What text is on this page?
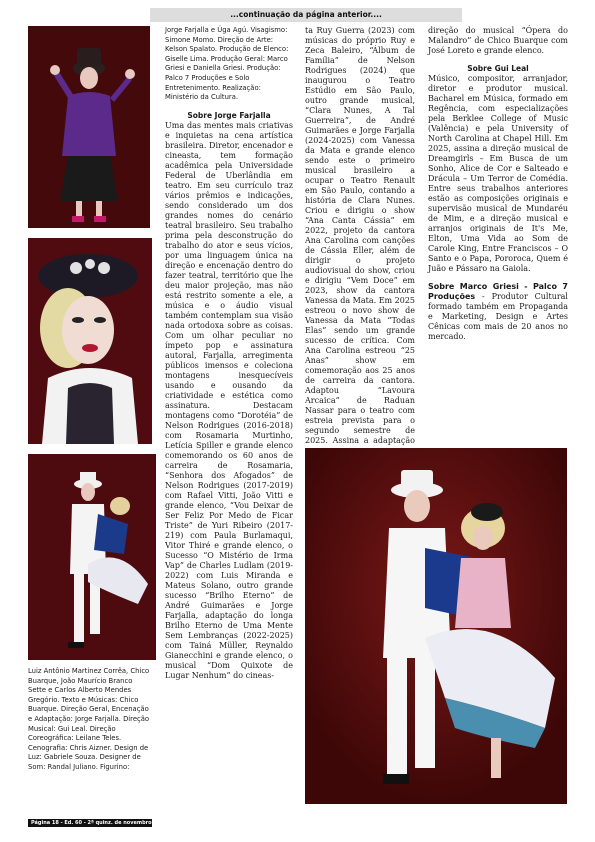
...continuação da página anterior....

Luiz Antônio Martinez Corrêa, Chico Buarque, João Maurício Branco Sette e Carlos Alberto Mendes Gregório. Texto e Músicas: Chico Buarque. Direção Geral, Encenação e Adaptação: Jorge Farjalla. Direção Musical: Gui Leal. Direção Coreográfica: Leilane Teles. Cenografia: Chris Aizner. Design de Luz: Gabriele Souza. Designer de Som: Randal Juliano. Figurino:

Jorge Farjalla e Úga Agú. Visagismo: Simone Momo. Direção de Arte: Kelson Spalato. Produção de Elenco: Giselle Lima. Produção Geral: Marco Griesi e Daniella Griesi. Produção: Palco 7 Produções e Solo Entretenimento. Realização: Ministério da Cultura.

Sobre Jorge Farjalla

Uma das mentes mais criativas e inquietas na cena artística brasileira. Diretor, encenador e cineasta, tem formação acadêmica pela Universidade Federal de Uberlândia em teatro. Em seu currículo traz vários prêmios e indicações, sendo considerado um dos grandes nomes do cenário teatral brasileiro. Seu trabalho prima pela desconstrução do trabalho do ator e seus vícios, por uma linguagem única na direção e encenação dentro do fazer teatral, território que lhe deu maior projeção, mas não está restrito somente a ele, a música e o áudio visual também contemplam sua visão nada ortodoxa sobre as coisas. Com um olhar peculiar no ímpeto pop e assinatura autoral, Farjalla, arregimenta públicos imensos e coleciona montagens inesquecíveis usando e ousando da criatividade e estética como assinatura. Destacam montagens como “Dorotéia” de Nelson Rodrigues (2016-2018) com Rosamaria Murtinho, Letícia Spiller e grande elenco comemorando os 60 anos de carreira de Rosamaria, “Senhora dos Afogados” de Nelson Rodrigues (2017-2019) com Rafael Vitti, João Vitti e grande elenco, “Vou Deixar de Ser Feliz Por Medo de Ficar Triste” de Yuri Ribeiro (2017-219) com Paula Burlamaqui, Vitor Thiré e grande elenco, o Sucesso “O Mistério de Irma Vap” de Charles Ludlam (2019-2022) com Luis Miranda e Mateus Solano, outro grande sucesso “Brilho Eterno” de André Guimarães e Jorge Farjalla, adaptação do longa Brilho Eterno de Uma Mente Sem Lembranças (2022-2025) com Tainá Müller, Reynaldo Gianecchini e grande elenco, o musical “Dom Quixote de Lugar Nenhum” do cineas-

ta Ruy Guerra (2023) com músicas do próprio Ruy e Zeca Baleiro, “Álbum de Família” de Nelson Rodrigues (2024) que inaugurou o Teatro Estúdio em São Paulo, outro grande musical, “Clara Nunes, A Tal Guerreira”, de André Guimarães e Jorge Farjalla (2024-2025) com Vanessa da Mata e grande elenco sendo este o primeiro musical brasileiro a ocupar o Teatro Renault em São Paulo, contando a história de Clara Nunes. Criou e dirigiu o show “Ana Canta Cássia” em 2022, projeto da cantora Ana Carolina com canções de Cássia Eller, além de dirigir o projeto audiovisual do show, criou e dirigiu “Vem Doce” em 2023, show da cantora Vanessa da Mata. Em 2025 estreou o novo show de Vanessa da Mata “Todas Elas” sendo um grande sucesso de crítica. Com Ana Carolina estreou “25 Anas” show em comemoração aos 25 anos de carreira da cantora. Adaptou “Lavoura Arcaica” de Raduan Nassar para o teatro com estreia prevista para o segundo semestre de 2025. Assina a adaptação

direção do musical “Ópera do Malandro” de Chico Buarque com José Loreto e grande elenco.

Sobre Gui Leal

Músico, compositor, arranjador, diretor e produtor musical. Bacharel em Música, formado em Regência, com especializações pela Berklee College of Music (Valência) e pela University of North Carolina at Chapel Hill. Em 2025, assina a direção musical de Dreamgirls – Em Busca de um Sonho, Alice de Cor e Salteado e Drácula – Um Terror de Comédia. Entre seus trabalhos anteriores estão as composições originais e supervisão musical de Mundaréu de Mim, e a direção musical e arranjos originais de It's Me, Elton, Uma Vida ao Som de Carole King, Entre Franciscos – O Santo e o Papa, Pororoca, Quem é Juão e Pássaro na Gaiola.

Sobre Marco Griesi - Palco 7 Produções - Produtor Cultural formado também em Propaganda e Marketing, Design e Artes Cênicas com mais de 20 anos no mercado.

Página 18 - Ed. 60 - 2ª quinz. de novembro 2025
